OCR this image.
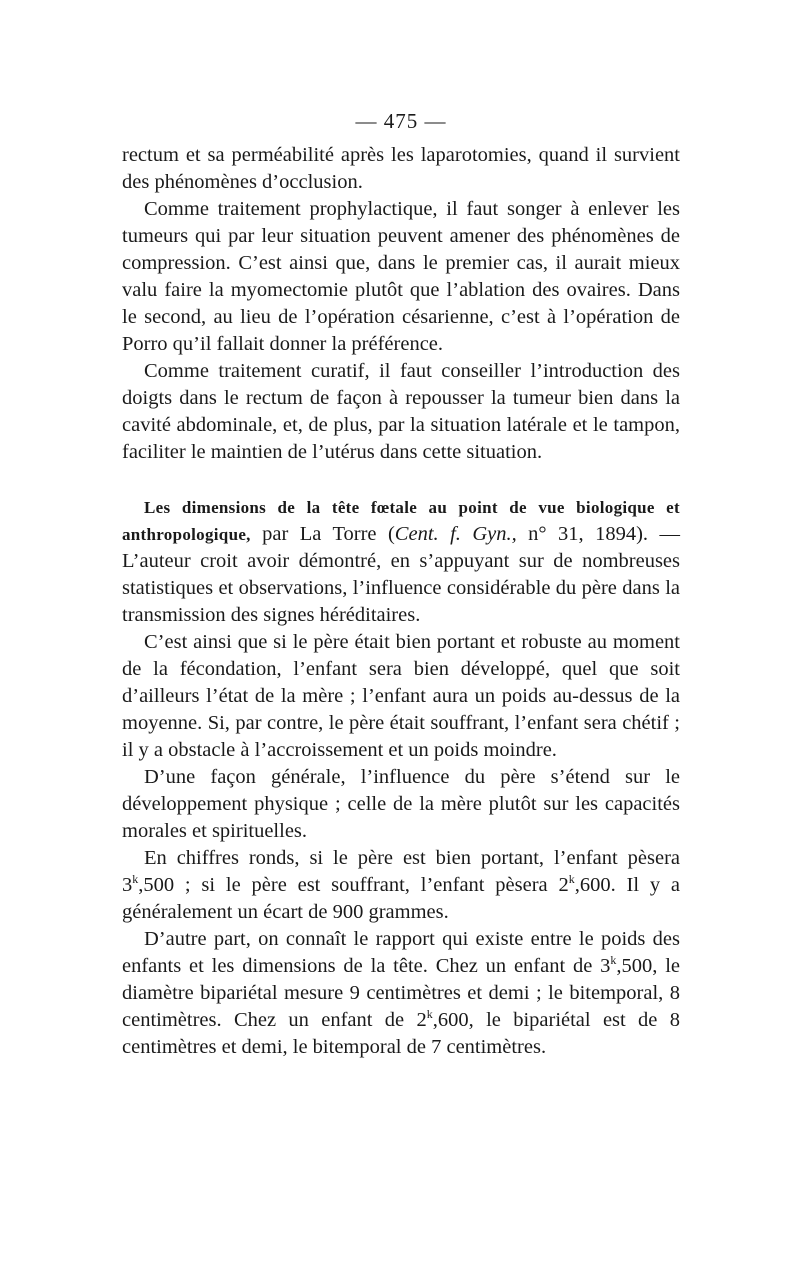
— 475 —

rectum et sa perméabilité après les laparotomies, quand il survient des phénomènes d’occlusion.

Comme traitement prophylactique, il faut songer à enlever les tumeurs qui par leur situation peuvent amener des phénomènes de compression. C’est ainsi que, dans le premier cas, il aurait mieux valu faire la myomectomie plutôt que l’ablation des ovaires. Dans le second, au lieu de l’opération césarienne, c’est à l’opération de Porro qu’il fallait donner la préférence.

Comme traitement curatif, il faut conseiller l’introduction des doigts dans le rectum de façon à repousser la tumeur bien dans la cavité abdominale, et, de plus, par la situation latérale et le tampon, faciliter le maintien de l’utérus dans cette situation.

Les dimensions de la tête fœtale au point de vue biologique et anthropologique, par La Torre (Cent. f. Gyn., n° 31, 1894). — L’auteur croit avoir démontré, en s’appuyant sur de nombreuses statistiques et observations, l’influence considérable du père dans la transmission des signes héréditaires.

C’est ainsi que si le père était bien portant et robuste au moment de la fécondation, l’enfant sera bien développé, quel que soit d’ailleurs l’état de la mère ; l’enfant aura un poids au-dessus de la moyenne. Si, par contre, le père était souffrant, l’enfant sera chétif ; il y a obstacle à l’accroissement et un poids moindre.

D’une façon générale, l’influence du père s’étend sur le développement physique ; celle de la mère plutôt sur les capacités morales et spirituelles.

En chiffres ronds, si le père est bien portant, l’enfant pèsera 3$^k$,500 ; si le père est souffrant, l’enfant pèsera 2$^k$,600. Il y a généralement un écart de 900 grammes.

D’autre part, on connaît le rapport qui existe entre le poids des enfants et les dimensions de la tête. Chez un enfant de 3$^k$,500, le diamètre bipariétal mesure 9 centimètres et demi ; le bitemporal, 8 centimètres. Chez un enfant de 2$^k$,600, le bipariétal est de 8 centimètres et demi, le bitemporal de 7 centimètres.
